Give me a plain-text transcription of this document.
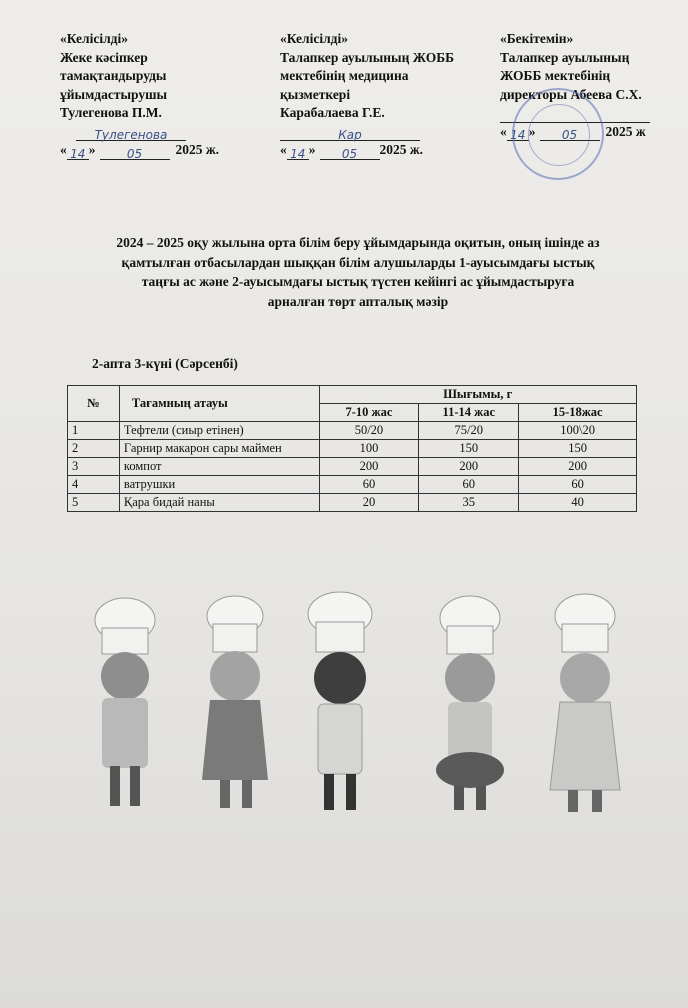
«Келісілді»
Жеке кәсіпкер
тамақтандыруды
ұйымдастырушы
Тулегенова П.М.
Тулегенова
« 14 »	05	2025 ж.
«Келісілді»
Талапкер ауылының ЖОББ
мектебінің медицина
қызметкері
Карабалаева Г.Е.
Кар
« 14 »	05	2025 ж.
«Бекітемін»
Талапкер ауылының
ЖОББ мектебінің
директоры Абеева С.Х.
« 14 »	05	2025 ж
2024 – 2025 оқу жылына орта білім беру ұйымдарында оқитын, оның ішінде аз
қамтылған отбасылардан шыққан білім алушыларды 1-ауысымдағы ыстық
таңғы ас және 2-ауысымдағы ыстық түстен кейінгі ас ұйымдастыруға
арналған төрт апталық мәзір
2-апта 3-күні (Сәрсенбі)
№	Тағамның атауы	Шығымы, г		
		7-10 жас	11-14 жас	15-18жас
1	Тефтели (сиыр етінен)	50/20	75/20	100\20
2	Гарнир макарон сары маймен	100	150	150
3	компот	200	200	200
4	ватрушки	60	60	60
5	Қара бидай наны	20	35	40
